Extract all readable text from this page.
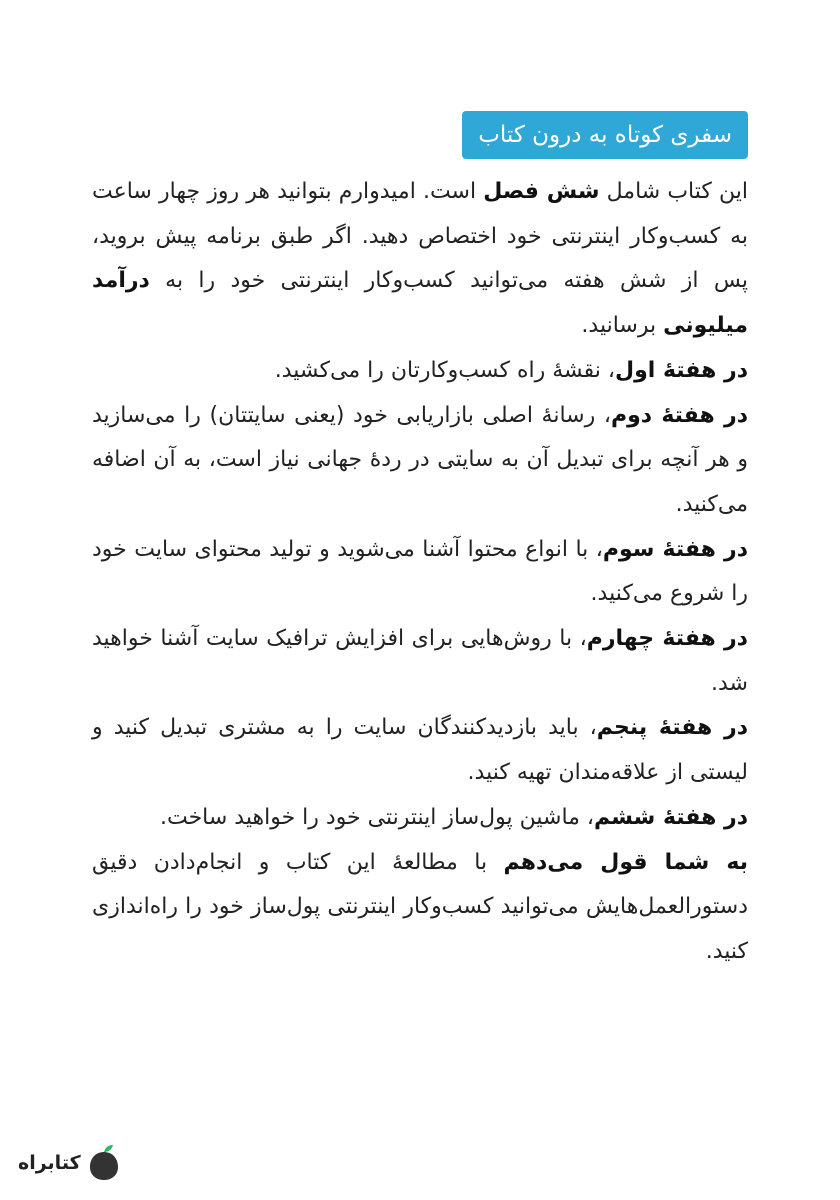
سفری کوتاه به درون کتاب

این کتاب شامل شش فصل است. امیدوارم بتوانید هر روز چهار ساعت به کسب‌وکار اینترنتی خود اختصاص دهید. اگر طبق برنامه پیش بروید، پس از شش هفته می‌توانید کسب‌وکار اینترنتی خود را به درآمد میلیونی برسانید.

در هفتهٔ اول، نقشهٔ راه کسب‌وکارتان را می‌کشید.

در هفتهٔ دوم، رسانهٔ اصلی بازاریابی خود (یعنی سایتتان) را می‌سازید و هر آنچه برای تبدیل آن به سایتی در ردهٔ جهانی نیاز است، به آن اضافه می‌کنید.

در هفتهٔ سوم، با انواع محتوا آشنا می‌شوید و تولید محتوای سایت خود را شروع می‌کنید.

در هفتهٔ چهارم، با روش‌هایی برای افزایش ترافیک سایت آشنا خواهید شد.

در هفتهٔ پنجم، باید بازدیدکنندگان سایت را به مشتری تبدیل کنید و لیستی از علاقه‌مندان تهیه کنید.

در هفتهٔ ششم، ماشین پول‌ساز اینترنتی خود را خواهید ساخت.

به شما قول می‌دهم با مطالعهٔ این کتاب و انجام‌دادن دقیق دستورالعمل‌هایش می‌توانید کسب‌وکار اینترنتی پول‌ساز خود را راه‌اندازی کنید.

کتابراه
